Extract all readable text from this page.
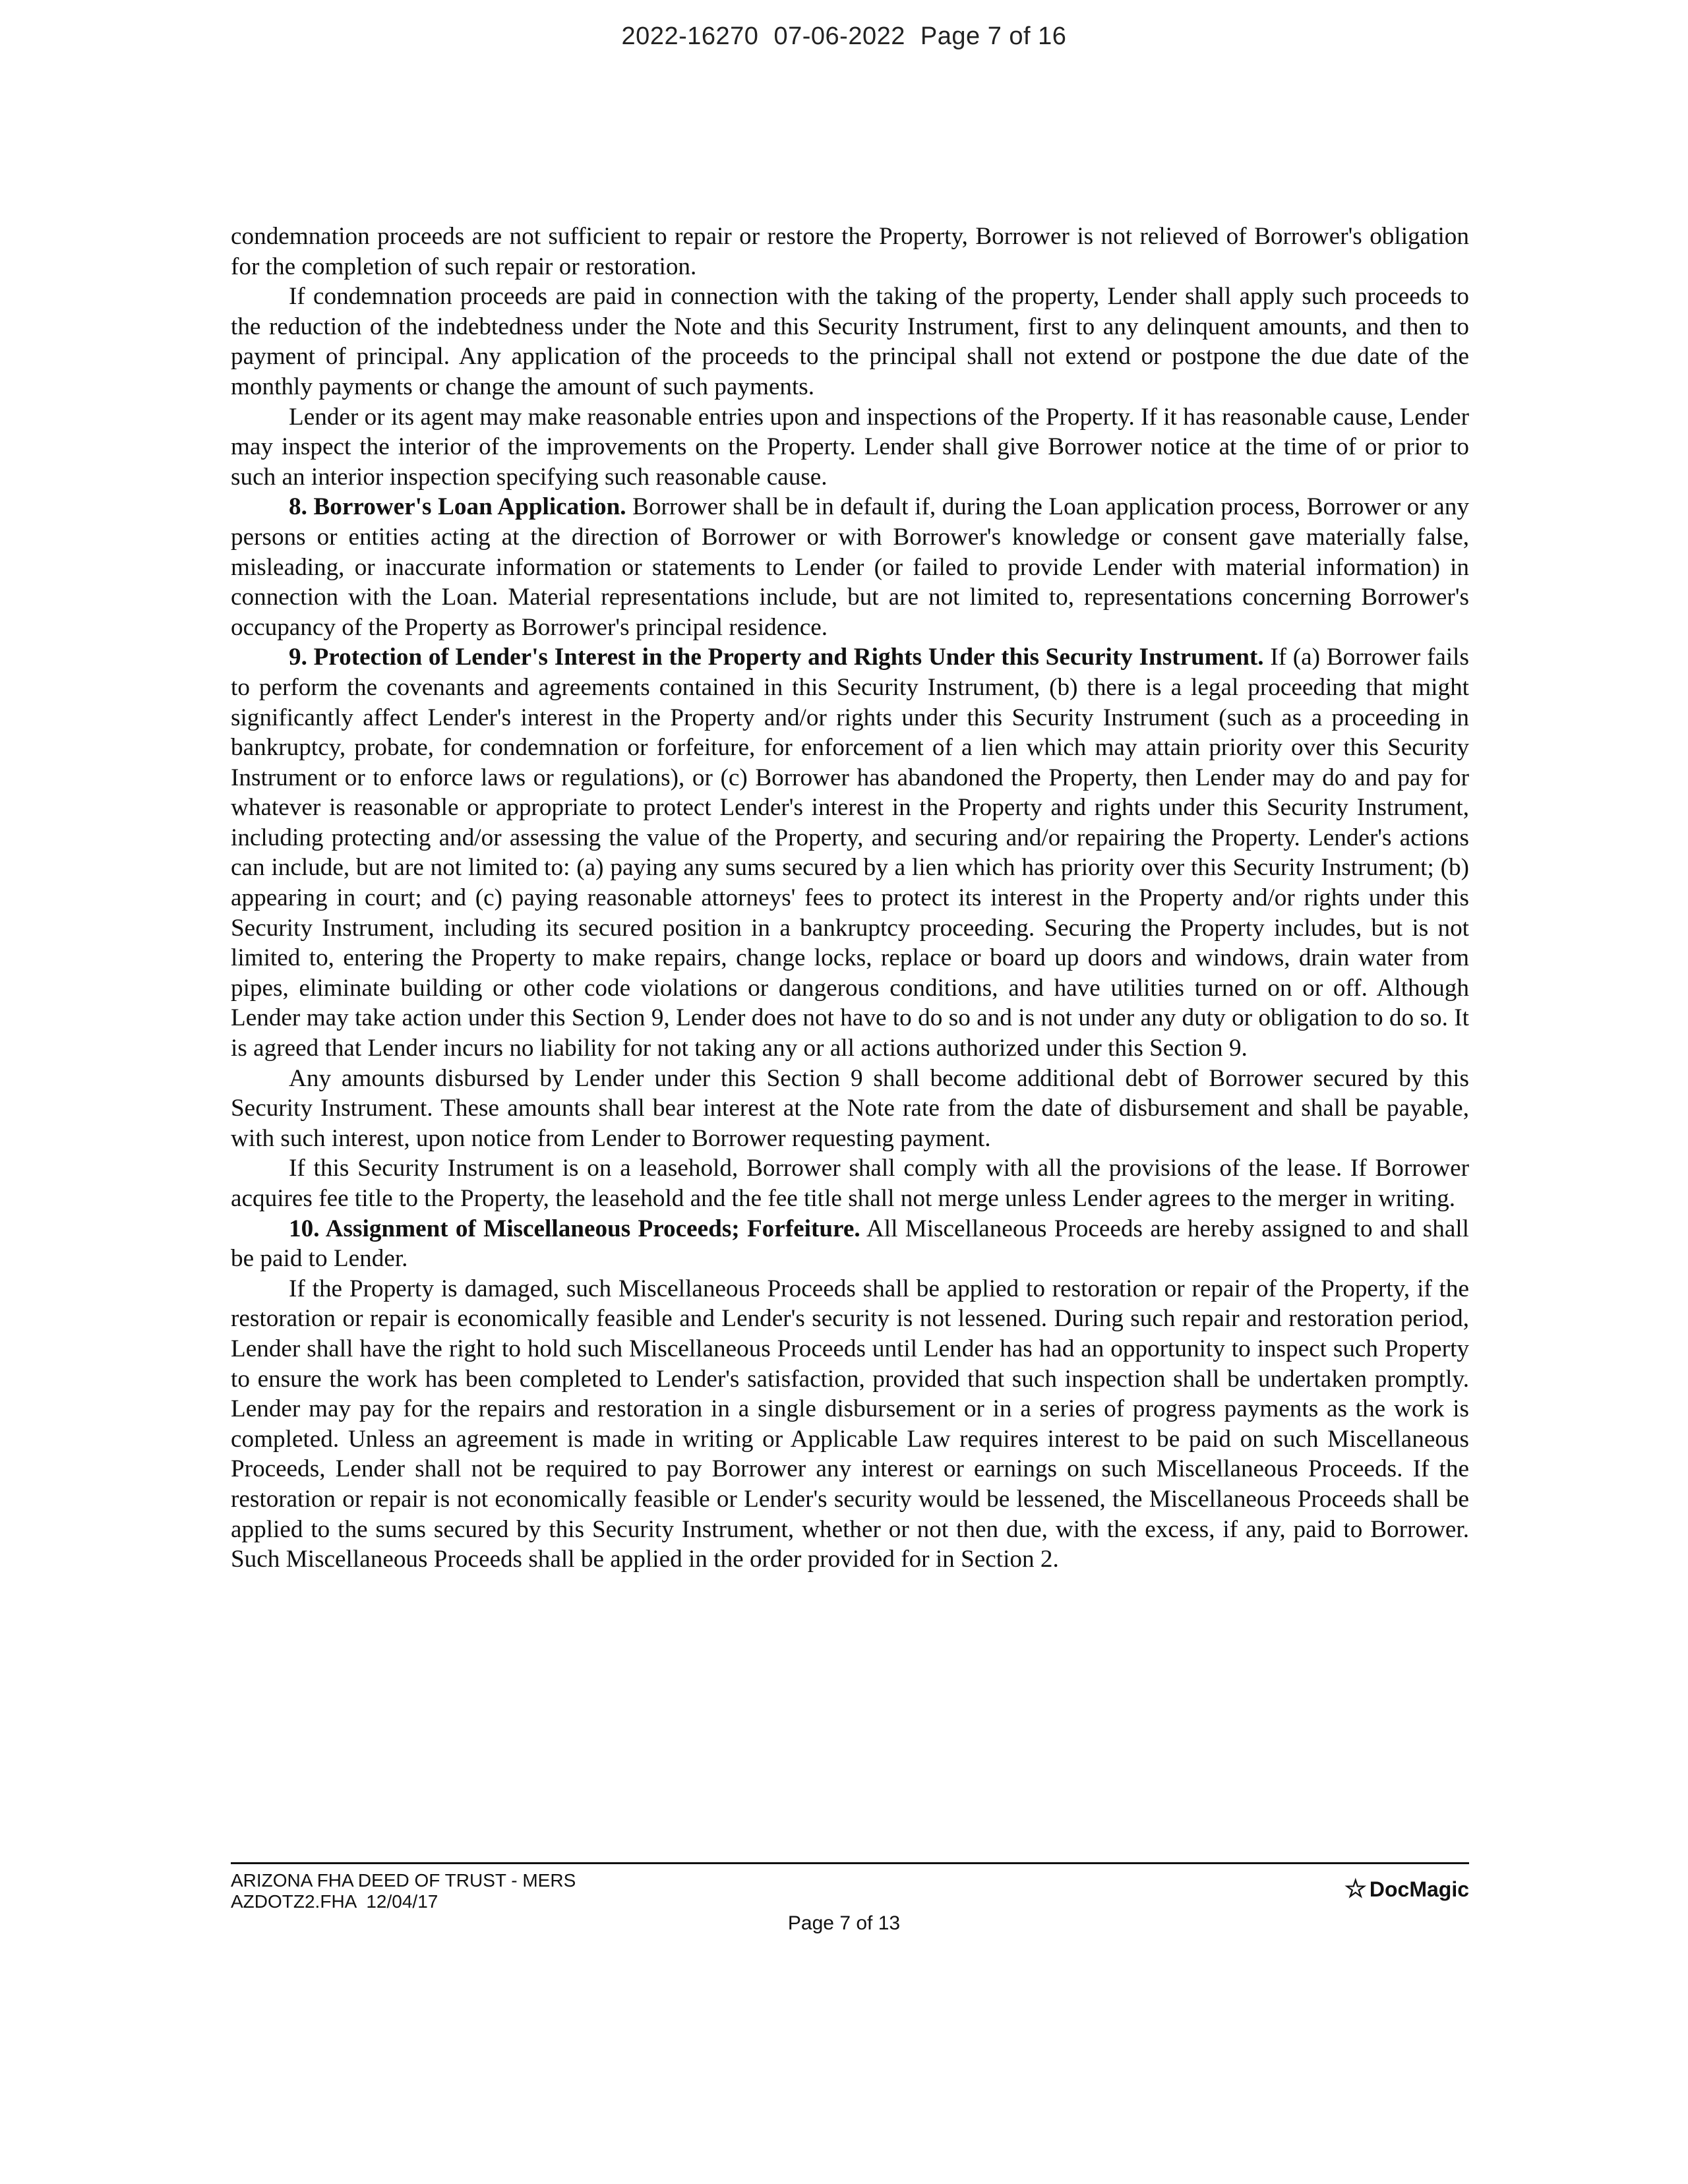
2022-16270 07-06-2022 Page 7 of 16

condemnation proceeds are not sufficient to repair or restore the Property, Borrower is not relieved of Borrower's obligation for the completion of such repair or restoration.

If condemnation proceeds are paid in connection with the taking of the property, Lender shall apply such proceeds to the reduction of the indebtedness under the Note and this Security Instrument, first to any delinquent amounts, and then to payment of principal. Any application of the proceeds to the principal shall not extend or postpone the due date of the monthly payments or change the amount of such payments.

Lender or its agent may make reasonable entries upon and inspections of the Property. If it has reasonable cause, Lender may inspect the interior of the improvements on the Property. Lender shall give Borrower notice at the time of or prior to such an interior inspection specifying such reasonable cause.

8. Borrower's Loan Application. Borrower shall be in default if, during the Loan application process, Borrower or any persons or entities acting at the direction of Borrower or with Borrower's knowledge or consent gave materially false, misleading, or inaccurate information or statements to Lender (or failed to provide Lender with material information) in connection with the Loan. Material representations include, but are not limited to, representations concerning Borrower's occupancy of the Property as Borrower's principal residence.

9. Protection of Lender's Interest in the Property and Rights Under this Security Instrument. If (a) Borrower fails to perform the covenants and agreements contained in this Security Instrument, (b) there is a legal proceeding that might significantly affect Lender's interest in the Property and/or rights under this Security Instrument (such as a proceeding in bankruptcy, probate, for condemnation or forfeiture, for enforcement of a lien which may attain priority over this Security Instrument or to enforce laws or regulations), or (c) Borrower has abandoned the Property, then Lender may do and pay for whatever is reasonable or appropriate to protect Lender's interest in the Property and rights under this Security Instrument, including protecting and/or assessing the value of the Property, and securing and/or repairing the Property. Lender's actions can include, but are not limited to: (a) paying any sums secured by a lien which has priority over this Security Instrument; (b) appearing in court; and (c) paying reasonable attorneys' fees to protect its interest in the Property and/or rights under this Security Instrument, including its secured position in a bankruptcy proceeding. Securing the Property includes, but is not limited to, entering the Property to make repairs, change locks, replace or board up doors and windows, drain water from pipes, eliminate building or other code violations or dangerous conditions, and have utilities turned on or off. Although Lender may take action under this Section 9, Lender does not have to do so and is not under any duty or obligation to do so. It is agreed that Lender incurs no liability for not taking any or all actions authorized under this Section 9.

Any amounts disbursed by Lender under this Section 9 shall become additional debt of Borrower secured by this Security Instrument. These amounts shall bear interest at the Note rate from the date of disbursement and shall be payable, with such interest, upon notice from Lender to Borrower requesting payment.

If this Security Instrument is on a leasehold, Borrower shall comply with all the provisions of the lease. If Borrower acquires fee title to the Property, the leasehold and the fee title shall not merge unless Lender agrees to the merger in writing.

10. Assignment of Miscellaneous Proceeds; Forfeiture. All Miscellaneous Proceeds are hereby assigned to and shall be paid to Lender.

If the Property is damaged, such Miscellaneous Proceeds shall be applied to restoration or repair of the Property, if the restoration or repair is economically feasible and Lender's security is not lessened. During such repair and restoration period, Lender shall have the right to hold such Miscellaneous Proceeds until Lender has had an opportunity to inspect such Property to ensure the work has been completed to Lender's satisfaction, provided that such inspection shall be undertaken promptly. Lender may pay for the repairs and restoration in a single disbursement or in a series of progress payments as the work is completed. Unless an agreement is made in writing or Applicable Law requires interest to be paid on such Miscellaneous Proceeds, Lender shall not be required to pay Borrower any interest or earnings on such Miscellaneous Proceeds. If the restoration or repair is not economically feasible or Lender's security would be lessened, the Miscellaneous Proceeds shall be applied to the sums secured by this Security Instrument, whether or not then due, with the excess, if any, paid to Borrower. Such Miscellaneous Proceeds shall be applied in the order provided for in Section 2.

ARIZONA FHA DEED OF TRUST - MERS
AZDOTZ2.FHA  12/04/17	☆ DocMagic
Page 7 of 13
